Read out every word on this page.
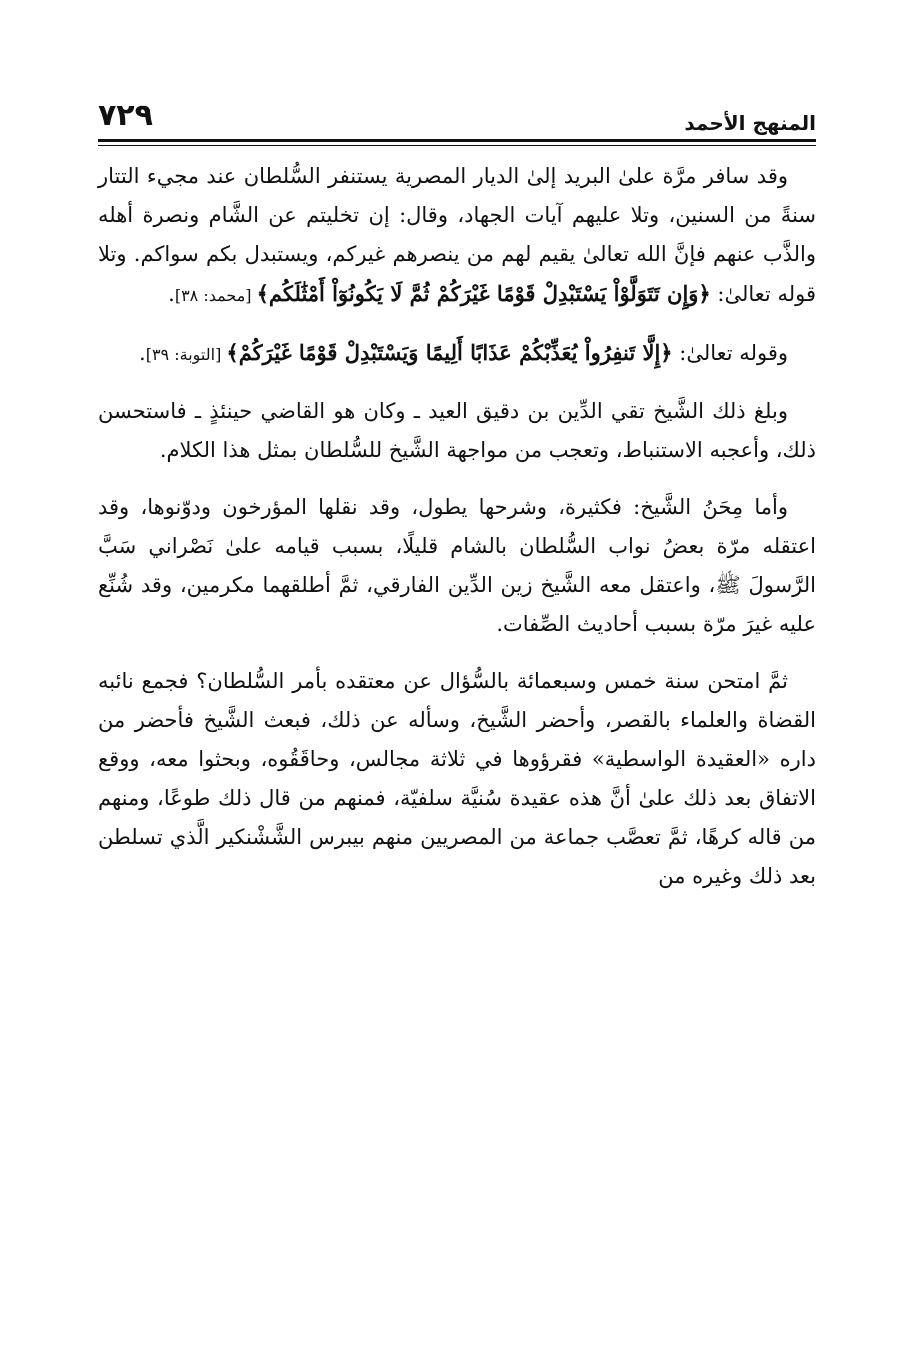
المنهج الأحمد
٧٢٩

وقد سافر مرَّة علىٰ البريد إلىٰ الديار المصرية يستنفر السُّلطان عند مجيء التتار سنةً من السنين، وتلا عليهم آيات الجهاد، وقال: إن تخليتم عن الشَّام ونصرة أهله والذَّب عنهم فإنَّ الله تعالىٰ يقيم لهم من ينصرهم غيركم، ويستبدل بكم سواكم. وتلا قوله تعالىٰ: ﴿وَإِن تَتَوَلَّوْاْ يَسْتَبْدِلْ قَوْمًا غَيْرَكُمْ ثُمَّ لَا يَكُونُوٓاْ أَمْثَٰلَكُم﴾ [محمد: ٣٨].

وقوله تعالىٰ: ﴿إِلَّا تَنفِرُواْ يُعَذِّبْكُمْ عَذَابًا أَلِيمًا وَيَسْتَبْدِلْ قَوْمًا غَيْرَكُمْ﴾ [التوبة: ٣٩].

وبلغ ذلك الشَّيخ تقي الدِّين بن دقيق العيد ـ وكان هو القاضي حينئذٍ ـ فاستحسن ذلك، وأعجبه الاستنباط، وتعجب من مواجهة الشَّيخ للسُّلطان بمثل هذا الكلام.

وأما مِحَنُ الشَّيخ: فكثيرة، وشرحها يطول، وقد نقلها المؤرخون ودوّنوها، وقد اعتقله مرّة بعضُ نواب السُّلطان بالشام قليلًا، بسبب قيامه علىٰ نَصْراني سَبَّ الرَّسولَ ﷺ، واعتقل معه الشَّيخ زين الدِّين الفارقي، ثمَّ أطلقهما مكرمين، وقد شُنِّع عليه غيرَ مرّة بسبب أحاديث الصِّفات.

ثمَّ امتحن سنة خمس وسبعمائة بالسُّؤال عن معتقده بأمر السُّلطان؟ فجمع نائبه القضاة والعلماء بالقصر، وأحضر الشَّيخ، وسأله عن ذلك، فبعث الشَّيخ فأحضر من داره «العقيدة الواسطية» فقرؤوها في ثلاثة مجالس، وحاقَقُوه، وبحثوا معه، ووقع الاتفاق بعد ذلك علىٰ أنَّ هذه عقيدة سُنيَّة سلفيّة، فمنهم من قال ذلك طوعًا، ومنهم من قاله كرهًا، ثمَّ تعصَّب جماعة من المصريين منهم بيبرس الشَّشْنكير الَّذي تسلطن بعد ذلك وغيره من
